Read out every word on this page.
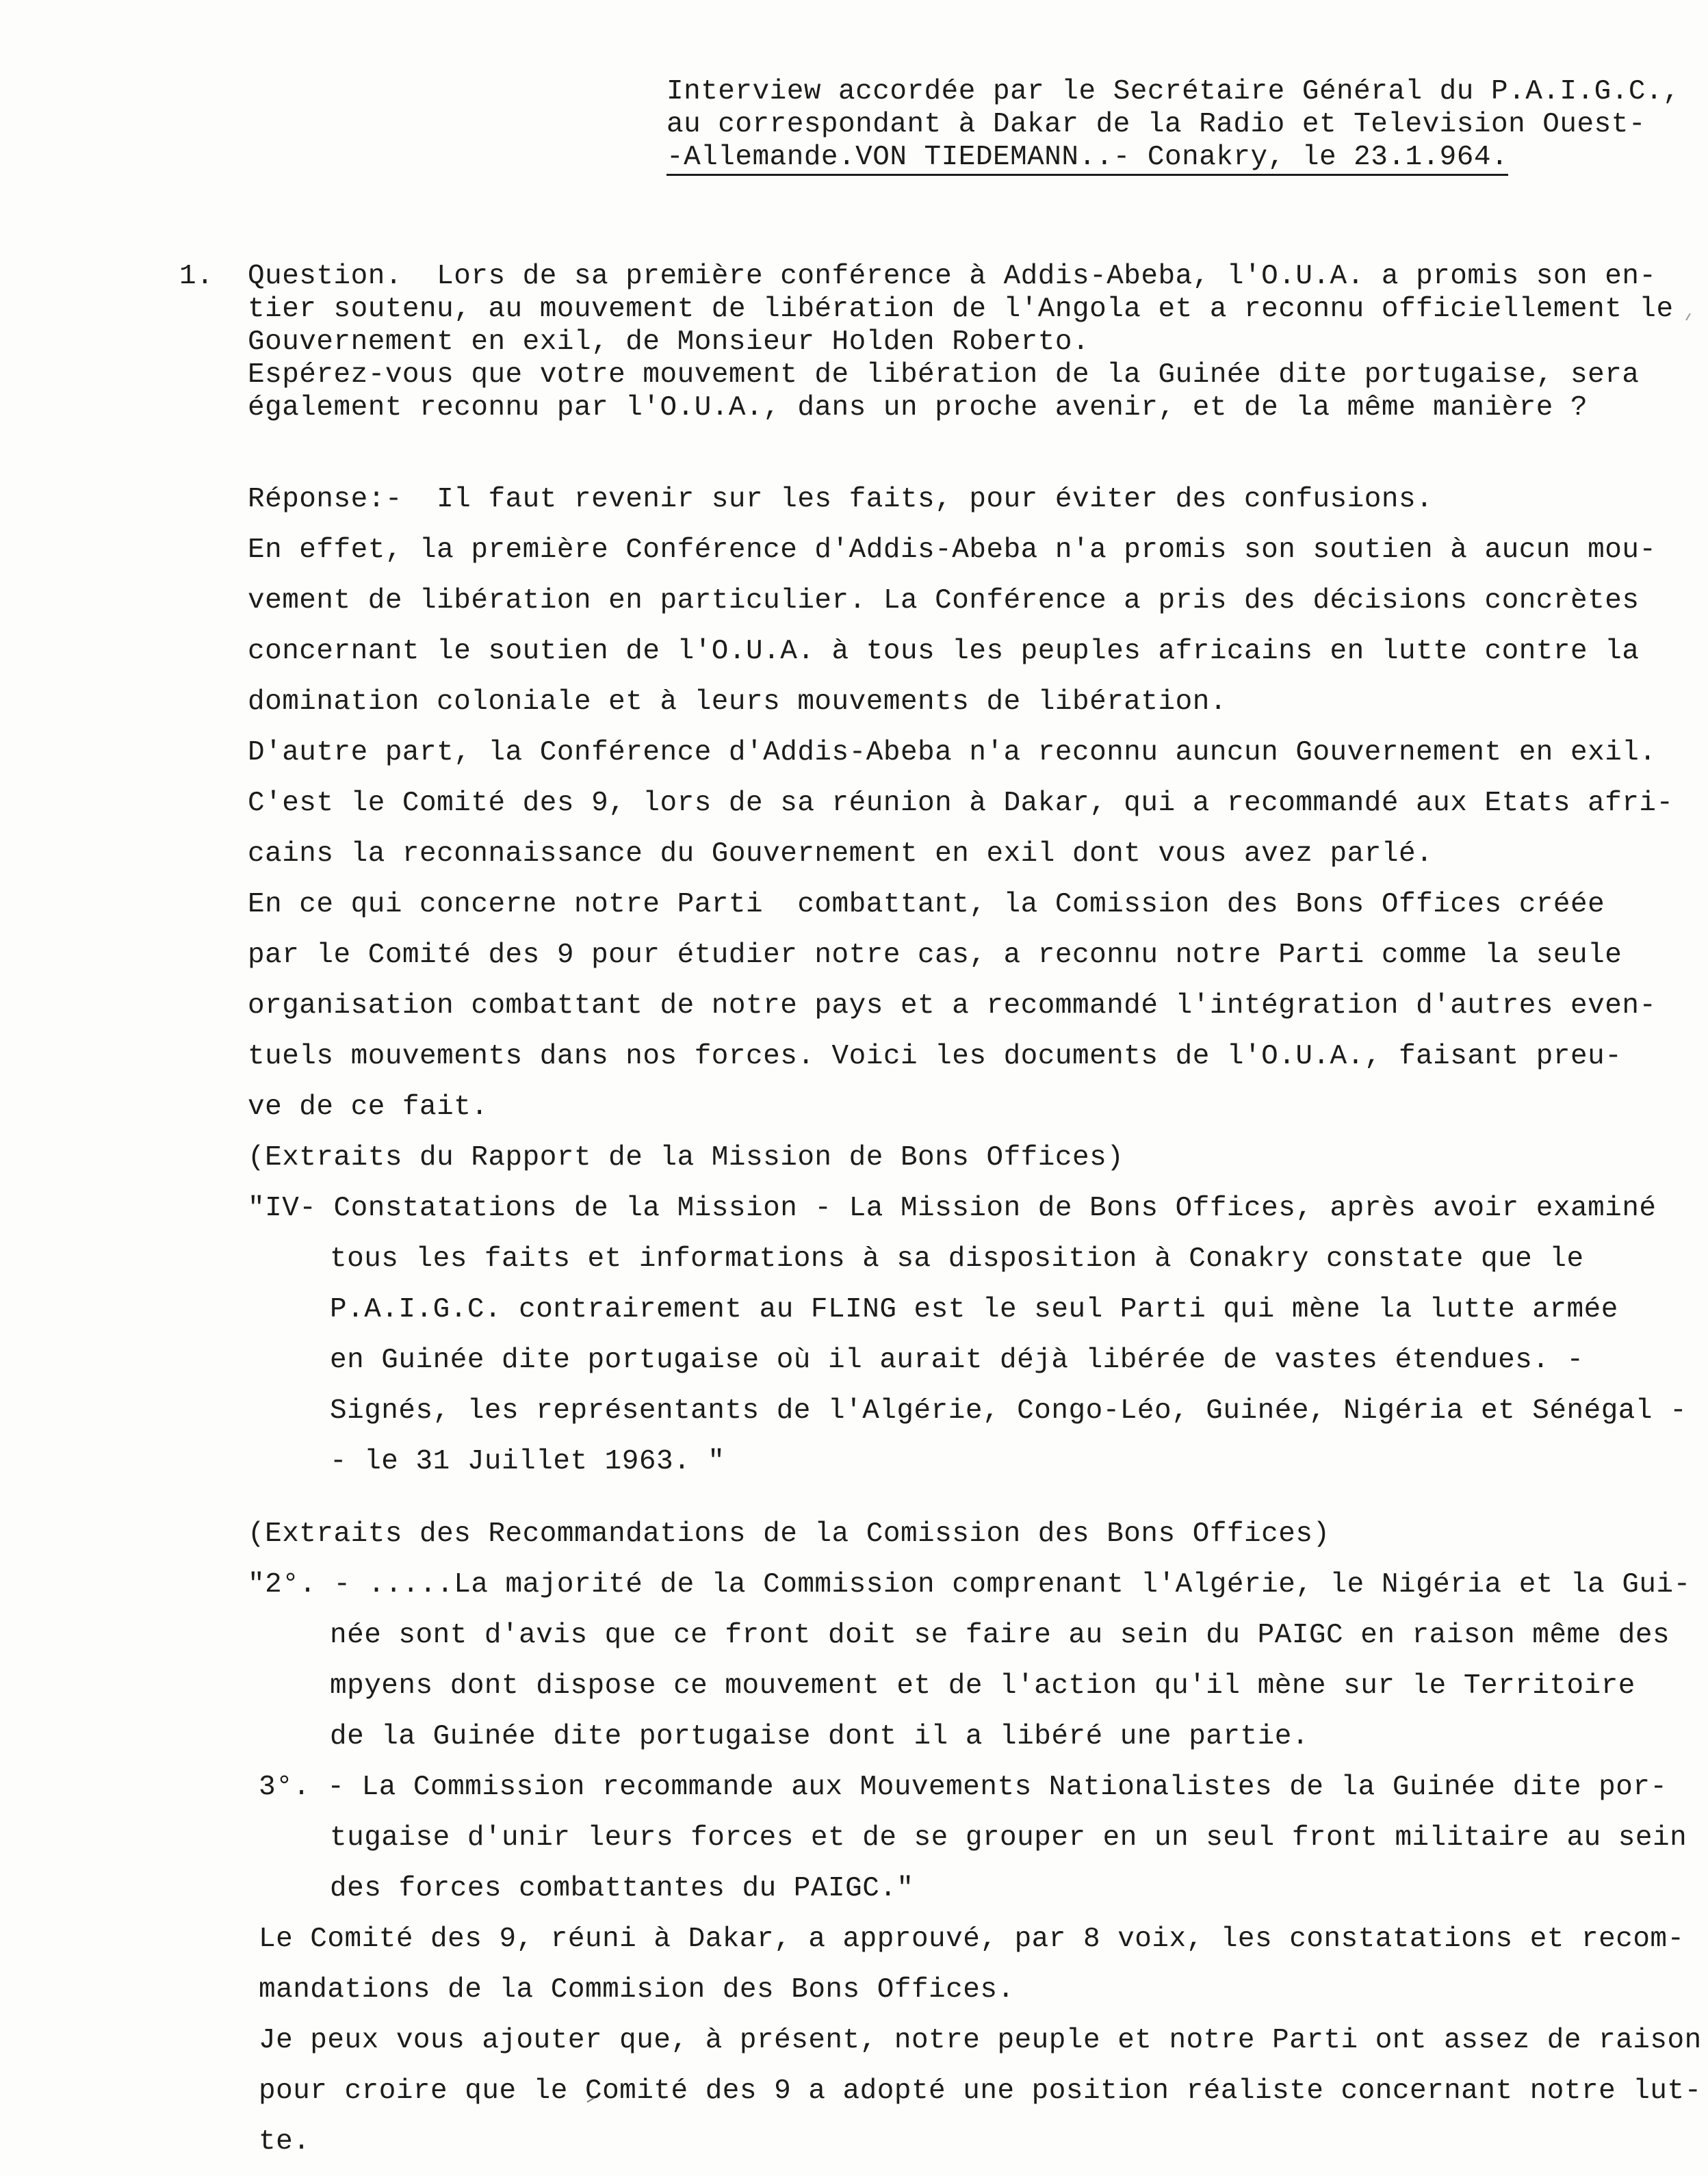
Interview accordée par le Secrétaire Général du P.A.I.G.C.,
au correspondant à Dakar de la Radio et Television Ouest-
-Allemande.VON TIEDEMANN..- Conakry, le 23.1.964.
1. Question.  Lors de sa première conférence à Addis-Abeba, l'O.U.A. a promis son en-
tier soutenu, au mouvement de libération de l'Angola et a reconnu officiellement le
Gouvernement en exil, de Monsieur Holden Roberto.
Espérez-vous que votre mouvement de libération de la Guinée dite portugaise, sera
également reconnu par l'O.U.A., dans un proche avenir, et de la même manière ?
Réponse:-  Il faut revenir sur les faits, pour éviter des confusions.
En effet, la première Conférence d'Addis-Abeba n'a promis son soutien à aucun mou-
vement de libération en particulier. La Conférence a pris des décisions concrètes
concernant le soutien de l'O.U.A. à tous les peuples africains en lutte contre la
domination coloniale et à leurs mouvements de libération.
D'autre part, la Conférence d'Addis-Abeba n'a reconnu auncun Gouvernement en exil.
C'est le Comité des 9, lors de sa réunion à Dakar, qui a recommandé aux Etats afri-
cains la reconnaissance du Gouvernement en exil dont vous avez parlé.
En ce qui concerne notre Parti  combattant, la Comission des Bons Offices créée
par le Comité des 9 pour étudier notre cas, a reconnu notre Parti comme la seule
organisation combattant de notre pays et a recommandé l'intégration d'autres even-
tuels mouvements dans nos forces. Voici les documents de l'O.U.A., faisant preu-
ve de ce fait.
(Extraits du Rapport de la Mission de Bons Offices)
"IV- Constatations de la Mission - La Mission de Bons Offices, après avoir examiné
tous les faits et informations à sa disposition à Conakry constate que le
P.A.I.G.C. contrairement au FLING est le seul Parti qui mène la lutte armée
en Guinée dite portugaise où il aurait déjà libérée de vastes étendues. -
Signés, les représentants de l'Algérie, Congo-Léo, Guinée, Nigéria et Sénégal -
- le 31 Juillet 1963. "
(Extraits des Recommandations de la Comission des Bons Offices)
"2°. - .....La majorité de la Commission comprenant l'Algérie, le Nigéria et la Gui-
née sont d'avis que ce front doit se faire au sein du PAIGC en raison même des
mpyens dont dispose ce mouvement et de l'action qu'il mène sur le Territoire
de la Guinée dite portugaise dont il a libéré une partie.
3°. - La Commission recommande aux Mouvements Nationalistes de la Guinée dite por-
tugaise d'unir leurs forces et de se grouper en un seul front militaire au sein
des forces combattantes du PAIGC."
Le Comité des 9, réuni à Dakar, a approuvé, par 8 voix, les constatations et recom-
mandations de la Commision des Bons Offices.
Je peux vous ajouter que, à présent, notre peuple et notre Parti ont assez de raison
pour croire que le Comité des 9 a adopté une position réaliste concernant notre lut-
te.
